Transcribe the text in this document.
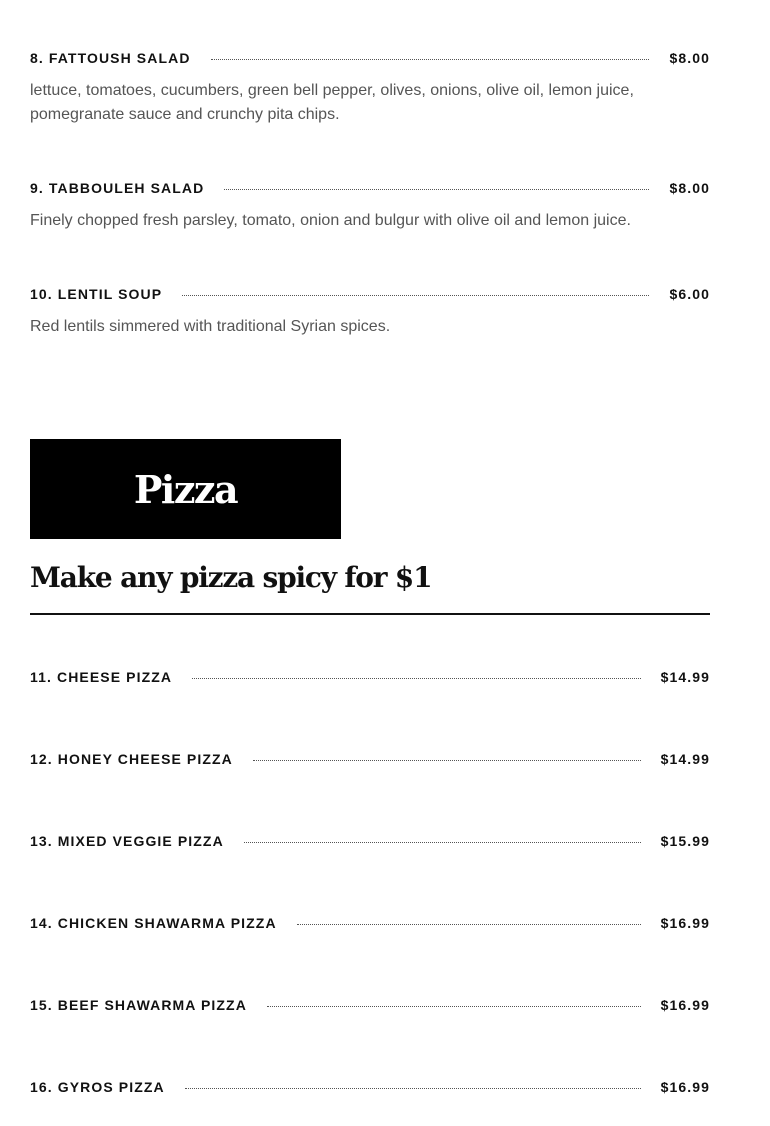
8. FATTOUSH SALAD	$8.00
lettuce, tomatoes, cucumbers, green bell pepper, olives, onions, olive oil, lemon juice, pomegranate sauce and crunchy pita chips.
9. TABBOULEH SALAD	$8.00
Finely chopped fresh parsley, tomato, onion and bulgur with olive oil and lemon juice.
10. LENTIL SOUP	$6.00
Red lentils simmered with traditional Syrian spices.
Pizza
Make any pizza spicy for $1
11. CHEESE PIZZA	$14.99
12. HONEY CHEESE PIZZA	$14.99
13. MIXED VEGGIE PIZZA	$15.99
14. CHICKEN SHAWARMA PIZZA	$16.99
15. BEEF SHAWARMA PIZZA	$16.99
16. GYROS PIZZA	$16.99
